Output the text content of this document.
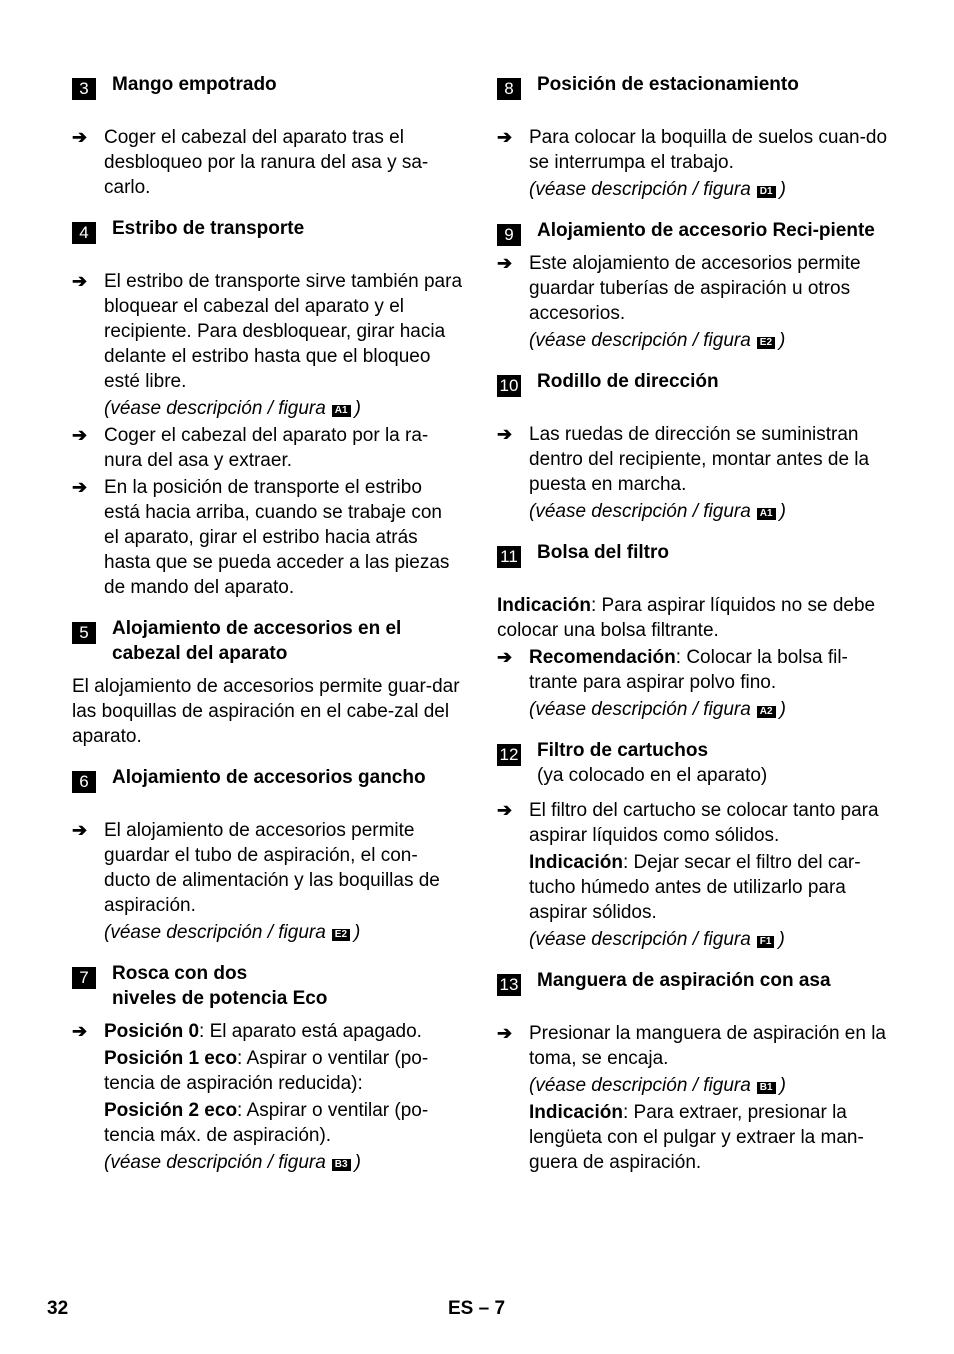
3	Mango empotrado
➔ Coger el cabezal del aparato tras el desbloqueo por la ranura del asa y sa-carlo.
4	Estribo de transporte
➔ El estribo de transporte sirve también para bloquear el cabezal del aparato y el recipiente. Para desbloquear, girar hacia delante el estribo hasta que el bloqueo esté libre.
(véase descripción / figura A1 )
➔ Coger el cabezal del aparato por la ra-nura del asa y extraer.
➔ En la posición de transporte el estribo está hacia arriba, cuando se trabaje con el aparato, girar el estribo hacia atrás hasta que se pueda acceder a las piezas de mando del aparato.
5	Alojamiento de accesorios en el cabezal del aparato
El alojamiento de accesorios permite guar-dar las boquillas de aspiración en el cabe-zal del aparato.
6	Alojamiento de accesorios gancho
➔ El alojamiento de accesorios permite guardar el tubo de aspiración, el con-ducto de alimentación y las boquillas de aspiración.
(véase descripción / figura E2 )
7	Rosca con dos
niveles de potencia Eco
➔ Posición 0: El aparato está apagado.
Posición 1 eco: Aspirar o ventilar (po-tencia de aspiración reducida):
Posición 2 eco: Aspirar o ventilar (po-tencia máx. de aspiración).
(véase descripción / figura B3 )
8	Posición de estacionamiento
➔ Para colocar la boquilla de suelos cuan-do se interrumpa el trabajo.
(véase descripción / figura D1 )
9	Alojamiento de accesorio Reci-piente
➔ Este alojamiento de accesorios permite guardar tuberías de aspiración u otros accesorios.
(véase descripción / figura E2 )
10 Rodillo de dirección
➔ Las ruedas de dirección se suministran dentro del recipiente, montar antes de la puesta en marcha.
(véase descripción / figura A1 )
11 Bolsa del filtro
Indicación: Para aspirar líquidos no se debe colocar una bolsa filtrante.
➔ Recomendación: Colocar la bolsa fil-trante para aspirar polvo fino.
(véase descripción / figura A2 )
12 Filtro de cartuchos
(ya colocado en el aparato)
➔ El filtro del cartucho se colocar tanto para aspirar líquidos como sólidos.
Indicación: Dejar secar el filtro del car-tucho húmedo antes de utilizarlo para aspirar sólidos.
(véase descripción / figura F1 )
13 Manguera de aspiración con asa
➔ Presionar la manguera de aspiración en la toma, se encaja.
(véase descripción / figura B1 )
Indicación: Para extraer, presionar la lengüeta con el pulgar y extraer la man-guera de aspiración.
32	ES – 7
